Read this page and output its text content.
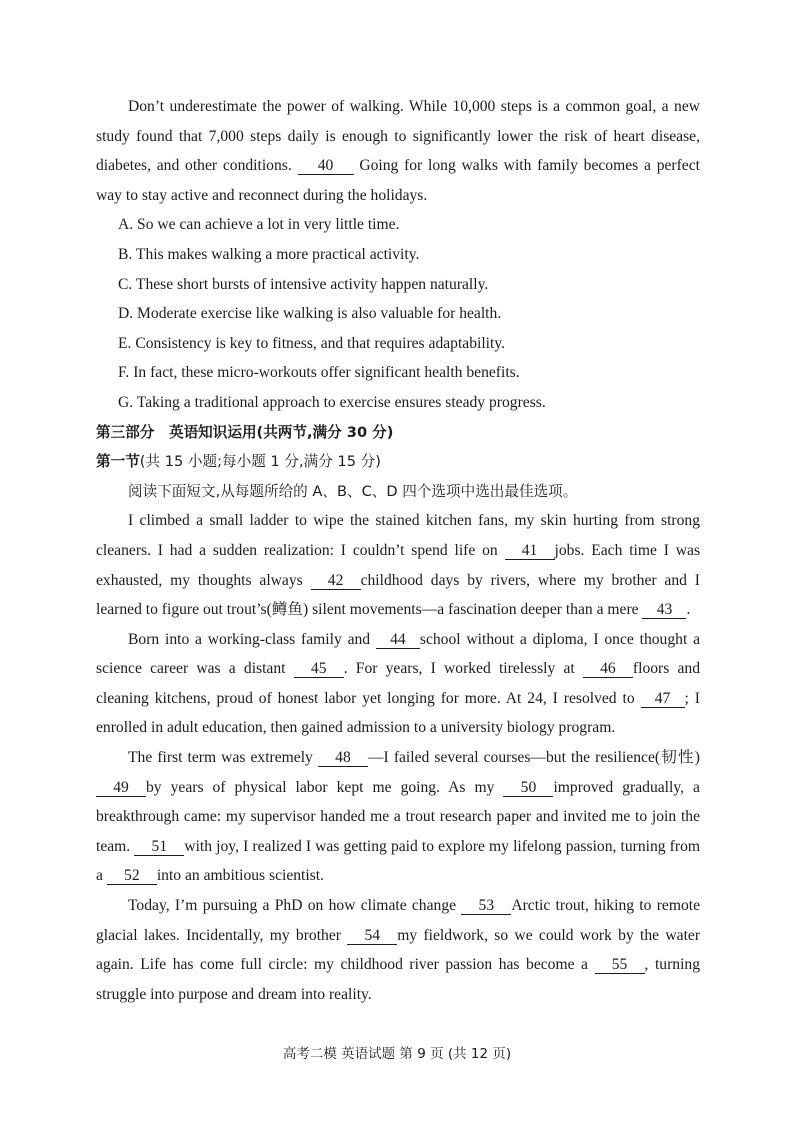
Don’t underestimate the power of walking. While 10,000 steps is a common goal, a new study found that 7,000 steps daily is enough to significantly lower the risk of heart disease, diabetes, and other conditions. 40 Going for long walks with family becomes a perfect way to stay active and reconnect during the holidays.

A. So we can achieve a lot in very little time.
B. This makes walking a more practical activity.
C. These short bursts of intensive activity happen naturally.
D. Moderate exercise like walking is also valuable for health.
E. Consistency is key to fitness, and that requires adaptability.
F. In fact, these micro-workouts offer significant health benefits.
G. Taking a traditional approach to exercise ensures steady progress.
第三部分　英语知识运用(共两节,满分 30 分)
第一节(共 15 小题;每小题 1 分,满分 15 分)
阅读下面短文,从每题所给的 A、B、C、D 四个选项中选出最佳选项。

I climbed a small ladder to wipe the stained kitchen fans, my skin hurting from strong cleaners. I had a sudden realization: I couldn’t spend life on 41 jobs. Each time I was exhausted, my thoughts always 42 childhood days by rivers, where my brother and I learned to figure out trout’s(鳟鱼) silent movements—a fascination deeper than a mere 43 .

Born into a working-class family and 44 school without a diploma, I once thought a science career was a distant 45 . For years, I worked tirelessly at 46 floors and cleaning kitchens, proud of honest labor yet longing for more. At 24, I resolved to 47 ; I enrolled in adult education, then gained admission to a university biology program.

The first term was extremely 48 —I failed several courses—but the resilience(韧性) 49 by years of physical labor kept me going. As my 50 improved gradually, a breakthrough came: my supervisor handed me a trout research paper and invited me to join the team. 51 with joy, I realized I was getting paid to explore my lifelong passion, turning from a 52 into an ambitious scientist.

Today, I’m pursuing a PhD on how climate change 53 Arctic trout, hiking to remote glacial lakes. Incidentally, my brother 54 my fieldwork, so we could work by the water again. Life has come full circle: my childhood river passion has become a 55 , turning struggle into purpose and dream into reality.

高考二模 英语试题 第 9 页 (共 12 页)
